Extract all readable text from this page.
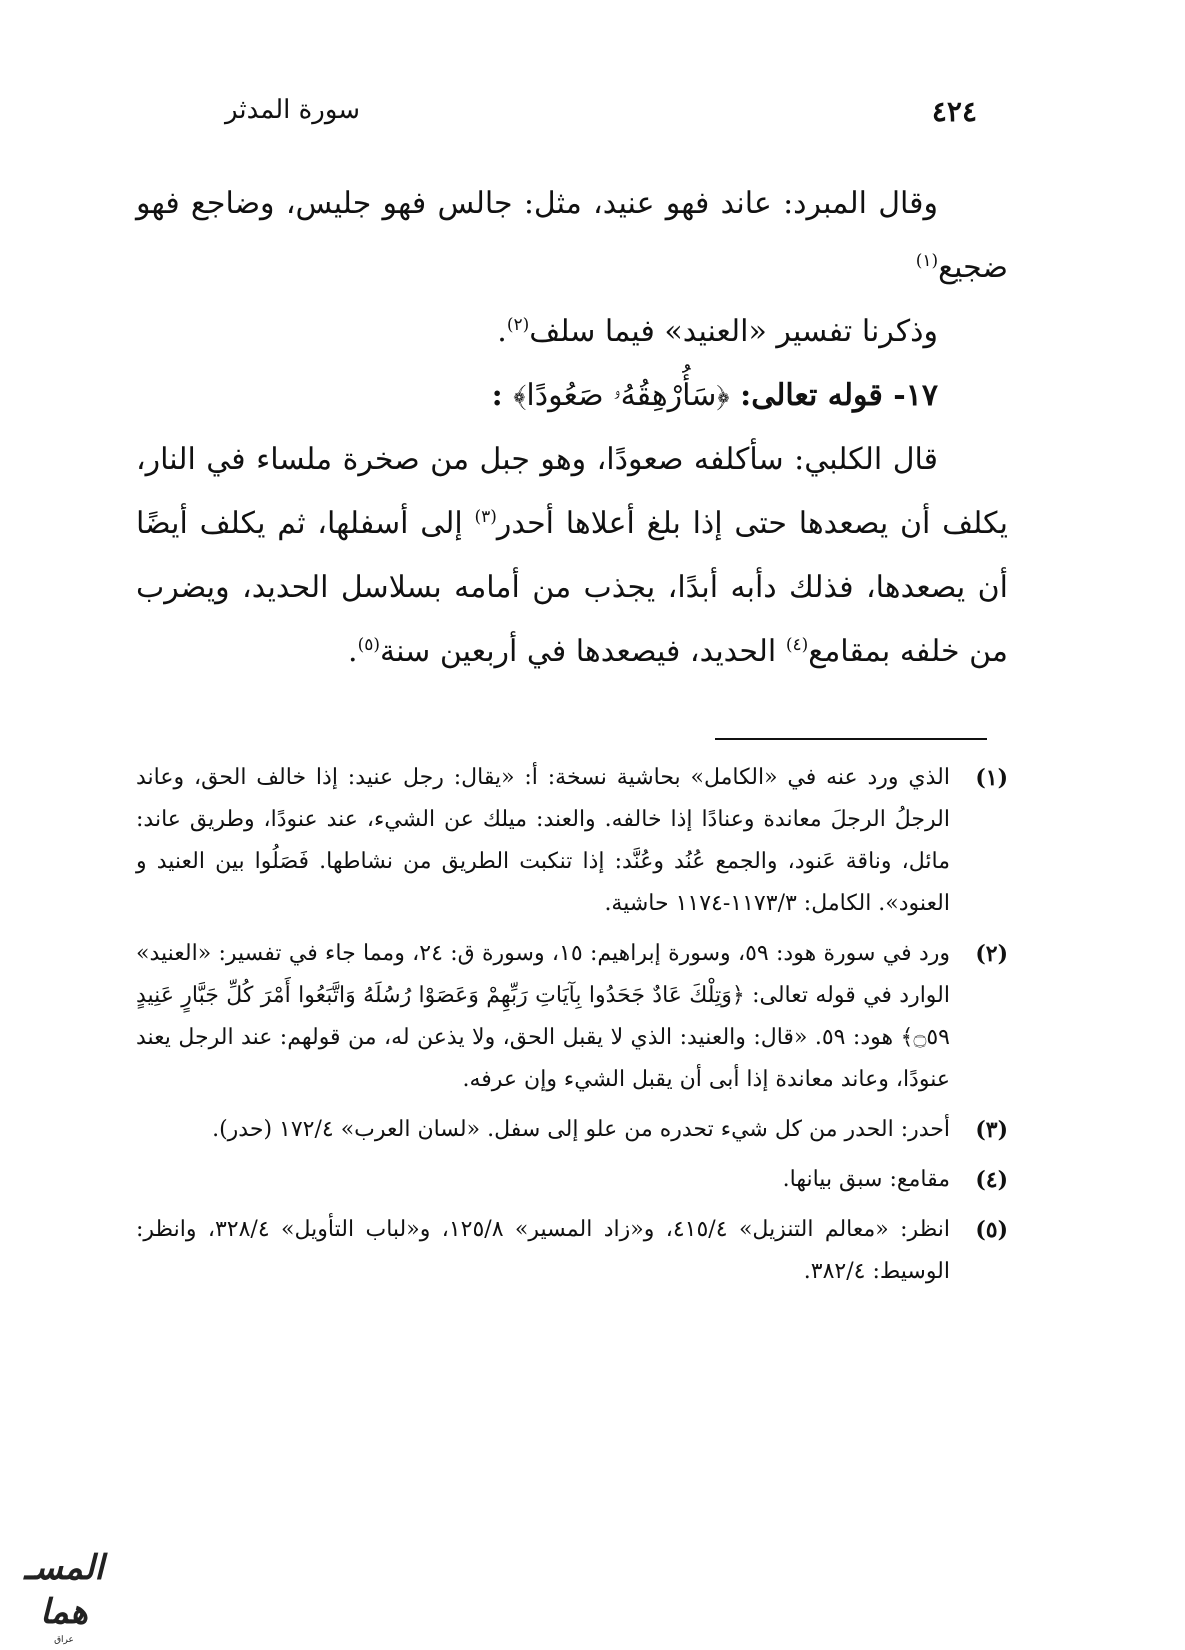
٤٢٤
سورة المدثر

وقال المبرد: عاند فهو عنيد، مثل: جالس فهو جليس، وضاجع فهو ضجيع$^{(١)}$

وذكرنا تفسير «العنيد» فيما سلف$^{(٢)}$.

١٧- قوله تعالى: ﴿سَأُرْهِقُهُۥ صَعُودًا﴾ :

قال الكلبي: سأكلفه صعودًا، وهو جبل من صخرة ملساء في النار، يكلف أن يصعدها حتى إذا بلغ أعلاها أحدر$^{(٣)}$ إلى أسفلها، ثم يكلف أيضًا أن يصعدها، فذلك دأبه أبدًا، يجذب من أمامه بسلاسل الحديد، ويضرب من خلفه بمقامع$^{(٤)}$ الحديد، فيصعدها في أربعين سنة$^{(٥)}$.

(١)
الذي ورد عنه في «الكامل» بحاشية نسخة: أ: «يقال: رجل عنيد: إذا خالف الحق، وعاند الرجلُ الرجلَ معاندة وعنادًا إذا خالفه. والعند: ميلك عن الشيء، عند عنودًا، وطريق عاند: مائل، وناقة عَنود، والجمع عُنُد وعُنَّد: إذا تنكبت الطريق من نشاطها. فَصَلُوا بين العنيد و العنود». الكامل: ١١٧٣/٣-١١٧٤ حاشية.
(٢)
ورد في سورة هود: ٥٩، وسورة إبراهيم: ١٥، وسورة ق: ٢٤، ومما جاء في تفسير: «العنيد» الوارد في قوله تعالى: ﴿وَتِلْكَ عَادٌ جَحَدُوا بِآيَاتِ رَبِّهِمْ وَعَصَوْا رُسُلَهُ وَاتَّبَعُوا أَمْرَ كُلِّ جَبَّارٍ عَنِيدٍ ۝٥٩﴾ هود: ٥٩. «قال: والعنيد: الذي لا يقبل الحق، ولا يذعن له، من قولهم: عند الرجل يعند عنودًا، وعاند معاندة إذا أبى أن يقبل الشيء وإن عرفه.
(٣)
أحدر: الحدر من كل شيء تحدره من علو إلى سفل. «لسان العرب» ١٧٢/٤ (حدر).
(٤)
مقامع: سبق بيانها.
(٥)
انظر: «معالم التنزيل» ٤١٥/٤، و«زاد المسير» ١٢٥/٨، و«لباب التأويل» ٣٢٨/٤، وانظر: الوسيط: ٣٨٢/٤.
المسـ هما
عراق
